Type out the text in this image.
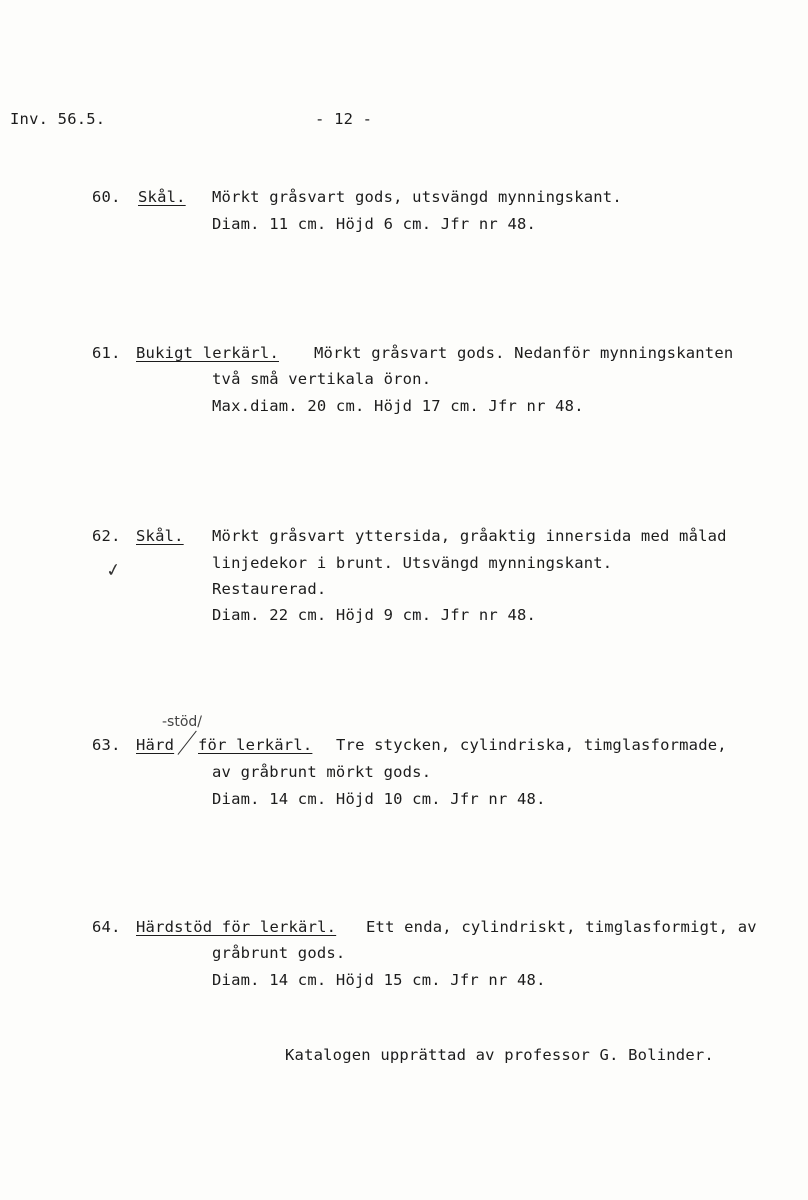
Inv. 56.5.	- 12 -
60. Skål. Mörkt gråsvart gods, utsvängd mynningskant.
Diam. 11 cm. Höjd 6 cm. Jfr nr 48.
61. Bukigt lerkärl. Mörkt gråsvart gods. Nedanför mynningskanten
två små vertikala öron.
Max.diam. 20 cm. Höjd 17 cm. Jfr nr 48.
62. Skål.
✓
Mörkt gråsvart yttersida, gråaktig innersida med målad
linjedekor i brunt. Utsvängd mynningskant.
Restaurerad.
Diam. 22 cm. Höjd 9 cm. Jfr nr 48.
-stöd/
63. Härd för lerkärl. Tre stycken, cylindriska, timglasformade,
av gråbrunt mörkt gods.
Diam. 14 cm. Höjd 10 cm. Jfr nr 48.
64. Härdstöd för lerkärl. Ett enda, cylindriskt, timglasformigt, av
gråbrunt gods.
Diam. 14 cm. Höjd 15 cm. Jfr nr 48.
Katalogen upprättad av professor G. Bolinder.
